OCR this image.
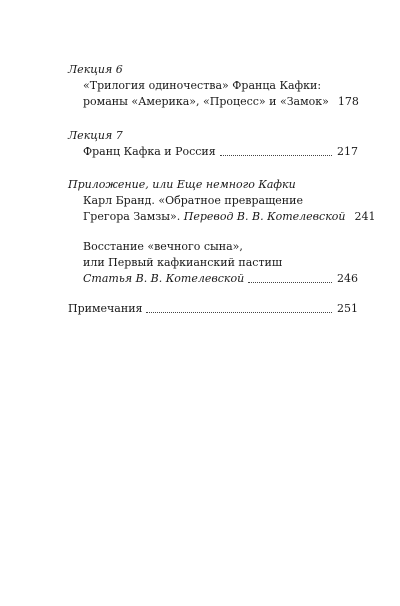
Лекция 6

«Трилогия одиночества» Франца Кафки:

романы «Америка», «Процесс» и «Замок» 178

Лекция 7

Франц Кафка и Россия	217

Приложение, или Еще немного Кафки

Карл Бранд. «Обратное превращение

Грегора Замзы». Перевод В. В. Котелевской 241

Восстание «вечного сына»,

или Первый кафкианский пастиш

Статья В. В. Котелевской	246

Примечания	251
